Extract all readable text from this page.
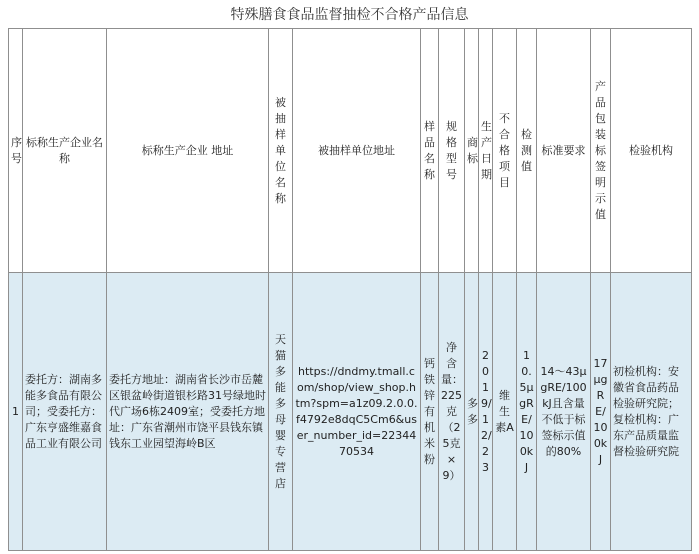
特殊膳食食品监督抽检不合格产品信息
序号	标称生产企业名称	标称生产企业 地址	被抽样单位名称	被抽样单位地址	样品名称	规格型号	商标	生产日期	不合格项目	检测值	标准要求	产品包装标签明示值	检验机构
1	委托方：湖南多能多食品有限公司；受委托方：广东亨盛维嘉食品工业有限公司	委托方地址：湖南省长沙市岳麓区银盆岭街道银杉路31号绿地时代广场6栋2409室；受委托方地址：广东省潮州市饶平县钱东镇钱东工业园望海岭B区	天猫多能多母婴专营店	https://dndmy.tmall.com/shop/view_shop.htm?spm=a1z09.2.0.0.f4792e8dqC5Cm6&user_number_id=2234470534	钙铁锌有机米粉	净含量：225克（25克×9）	多多	2019/12/23	维生素A	10.5μgRE/100kJ	14～43μgRE/100kJ且含量不低于标签标示值的80%	17μgRE/100kJ	初检机构：安徽省食品药品检验研究院；复检机构：广东产品质量监督检验研究院
